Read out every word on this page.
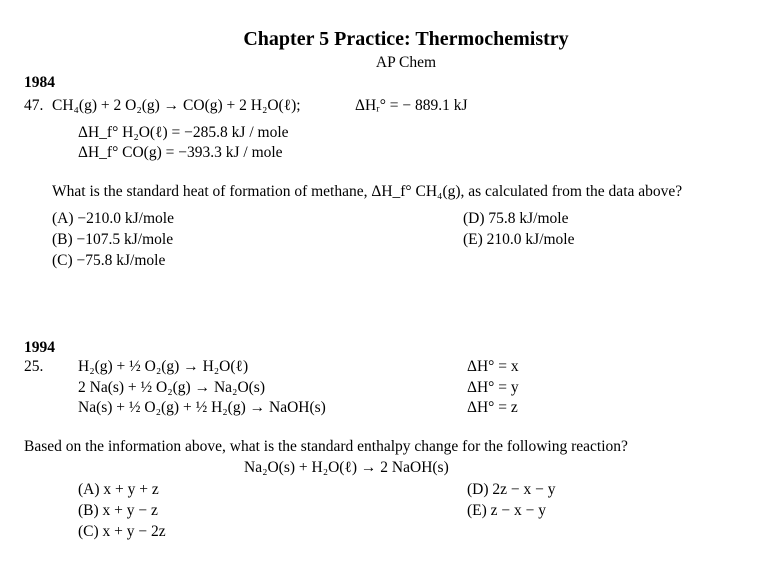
Chapter 5 Practice: Thermochemistry
AP Chem
1984
47. CH₄(g) + 2 O₂(g) → CO(g) + 2 H₂O(ℓ);	ΔHᵣ° = − 889.1 kJ
ΔH_f° H₂O(ℓ) = −285.8 kJ / mole
ΔH_f° CO(g) = −393.3 kJ / mole
What is the standard heat of formation of methane, ΔH_f° CH₄(g), as calculated from the data above?
(A) −210.0 kJ/mole
(B) −107.5 kJ/mole
(C) −75.8 kJ/mole
(D) 75.8 kJ/mole
(E) 210.0 kJ/mole
1994
25. H₂(g) + ½ O₂(g) → H₂O(ℓ)	ΔH° = x
2 Na(s) + ½ O₂(g) → Na₂O(s)	ΔH° = y
Na(s) + ½ O₂(g) + ½ H₂(g) → NaOH(s)	ΔH° = z
Based on the information above, what is the standard enthalpy change for the following reaction?
Na₂O(s) + H₂O(ℓ) → 2 NaOH(s)
(A) x + y + z
(B) x + y − z
(C) x + y − 2z
(D) 2z − x − y
(E) z − x − y
